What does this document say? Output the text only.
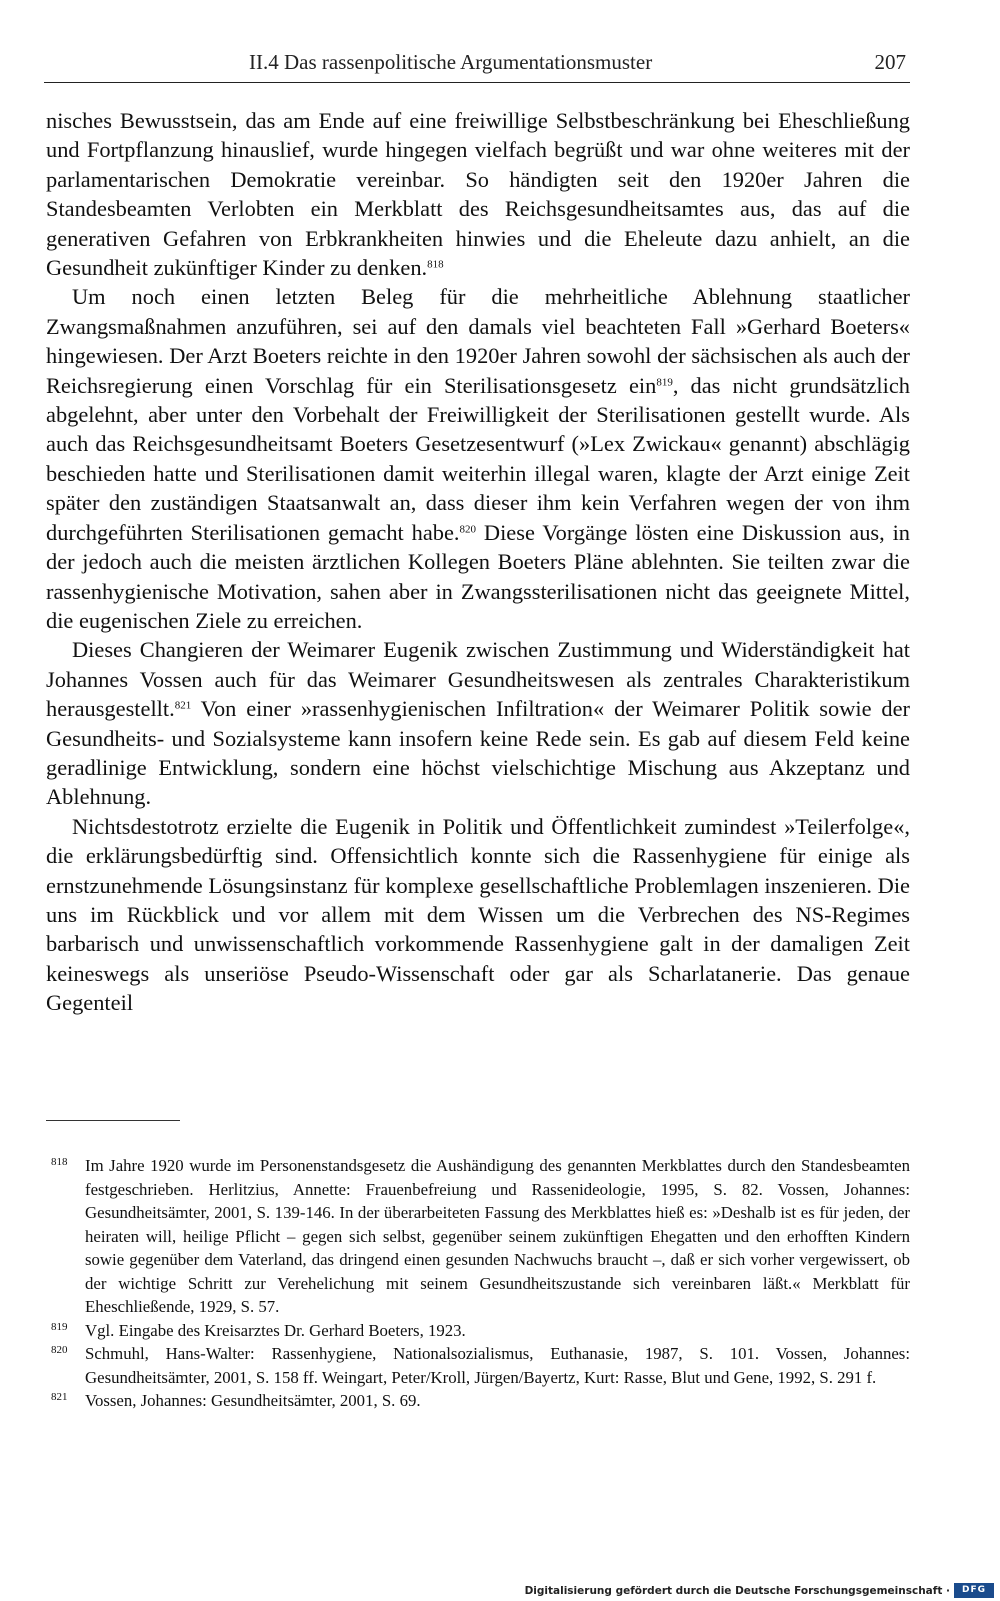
II.4 Das rassenpolitische Argumentationsmuster	207

nisches Bewusstsein, das am Ende auf eine freiwillige Selbstbeschränkung bei Eheschließung und Fortpflanzung hinauslief, wurde hingegen vielfach begrüßt und war ohne weiteres mit der parlamentarischen Demokratie vereinbar. So händigten seit den 1920er Jahren die Standesbeamten Verlobten ein Merkblatt des Reichsgesundheitsamtes aus, das auf die generativen Gefahren von Erbkrankheiten hinwies und die Eheleute dazu anhielt, an die Gesundheit zukünftiger Kinder zu denken.$^{818}$

Um noch einen letzten Beleg für die mehrheitliche Ablehnung staatlicher Zwangsmaßnahmen anzuführen, sei auf den damals viel beachteten Fall »Gerhard Boeters« hingewiesen. Der Arzt Boeters reichte in den 1920er Jahren sowohl der sächsischen als auch der Reichsregierung einen Vorschlag für ein Sterilisationsgesetz ein$^{819}$, das nicht grundsätzlich abgelehnt, aber unter den Vorbehalt der Freiwilligkeit der Sterilisationen gestellt wurde. Als auch das Reichsgesundheitsamt Boeters Gesetzesentwurf (»Lex Zwickau« genannt) abschlägig beschieden hatte und Sterilisationen damit weiterhin illegal waren, klagte der Arzt einige Zeit später den zuständigen Staatsanwalt an, dass dieser ihm kein Verfahren wegen der von ihm durchgeführten Sterilisationen gemacht habe.$^{820}$ Diese Vorgänge lösten eine Diskussion aus, in der jedoch auch die meisten ärztlichen Kollegen Boeters Pläne ablehnten. Sie teilten zwar die rassenhygienische Motivation, sahen aber in Zwangssterilisationen nicht das geeignete Mittel, die eugenischen Ziele zu erreichen.

Dieses Changieren der Weimarer Eugenik zwischen Zustimmung und Widerständigkeit hat Johannes Vossen auch für das Weimarer Gesundheitswesen als zentrales Charakteristikum herausgestellt.$^{821}$ Von einer »rassenhygienischen Infiltration« der Weimarer Politik sowie der Gesundheits- und Sozialsysteme kann insofern keine Rede sein. Es gab auf diesem Feld keine geradlinige Entwicklung, sondern eine höchst vielschichtige Mischung aus Akzeptanz und Ablehnung.

Nichtsdestotrotz erzielte die Eugenik in Politik und Öffentlichkeit zumindest »Teilerfolge«, die erklärungsbedürftig sind. Offensichtlich konnte sich die Rassenhygiene für einige als ernstzunehmende Lösungsinstanz für komplexe gesellschaftliche Problemlagen inszenieren. Die uns im Rückblick und vor allem mit dem Wissen um die Verbrechen des NS-Regimes barbarisch und unwissenschaftlich vorkommende Rassenhygiene galt in der damaligen Zeit keineswegs als unseriöse Pseudo-Wissenschaft oder gar als Scharlatanerie. Das genaue Gegenteil

818 Im Jahre 1920 wurde im Personenstandsgesetz die Aushändigung des genannten Merkblattes durch den Standesbeamten festgeschrieben. Herlitzius, Annette: Frauenbefreiung und Rassenideologie, 1995, S. 82. Vossen, Johannes: Gesundheitsämter, 2001, S. 139-146. In der überarbeiteten Fassung des Merkblattes hieß es: »Deshalb ist es für jeden, der heiraten will, heilige Pflicht – gegen sich selbst, gegenüber seinem zukünftigen Ehegatten und den erhofften Kindern sowie gegenüber dem Vaterland, das dringend einen gesunden Nachwuchs braucht –, daß er sich vorher vergewissert, ob der wichtige Schritt zur Verehelichung mit seinem Gesundheitszustande sich vereinbaren läßt.« Merkblatt für Eheschließende, 1929, S. 57.

819 Vgl. Eingabe des Kreisarztes Dr. Gerhard Boeters, 1923.

820 Schmuhl, Hans-Walter: Rassenhygiene, Nationalsozialismus, Euthanasie, 1987, S. 101. Vossen, Johannes: Gesundheitsämter, 2001, S. 158 ff. Weingart, Peter/Kroll, Jürgen/Bayertz, Kurt: Rasse, Blut und Gene, 1992, S. 291 f.

821 Vossen, Johannes: Gesundheitsämter, 2001, S. 69.

Digitalisierung gefördert durch die Deutsche Forschungsgemeinschaft ·	DFG
